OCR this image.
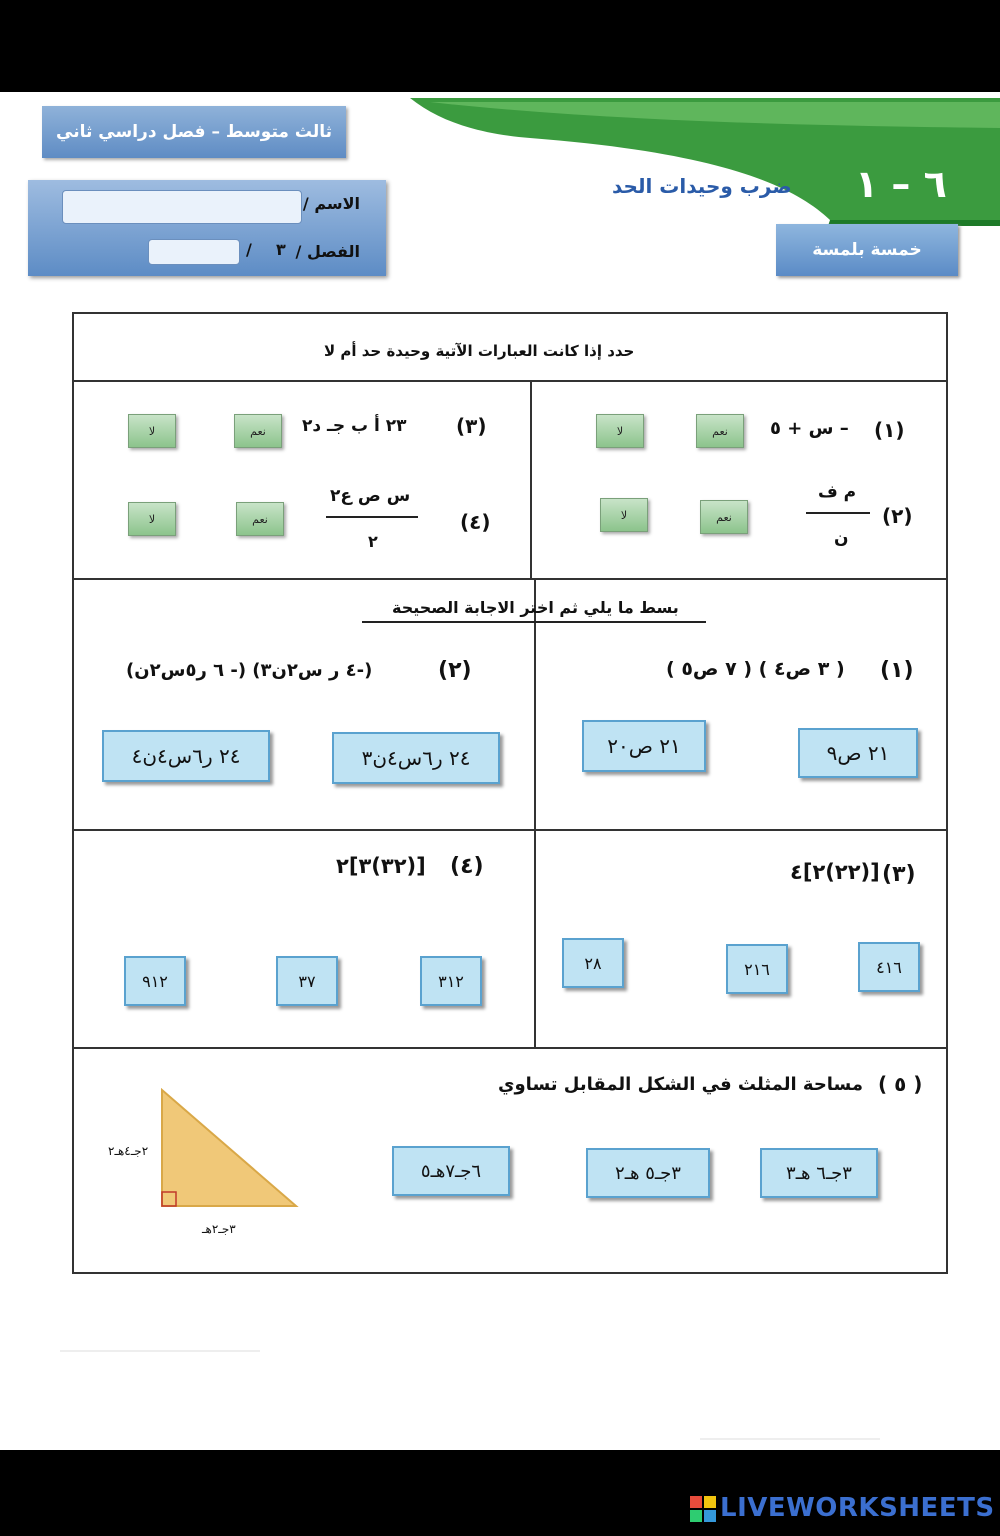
ثالث متوسط – فصل دراسي ثاني
الاسم /
الفصل /
٣
/
ضرب وحيدات الحد ٦ – ١
خمسة بلمسة
حدد إذا كانت العبارات الآتية وحيدة حد أم لا
(١)
– س + ٥
نعم
لا
(٢)
م ف
ن
نعم
لا
(٣)
٢٣ أ ب جـ د٢
نعم
لا
(٤)
س ص ع٢
٢
نعم
لا
بسط ما يلي ثم اختر الاجابة الصحيحة
(١)
( ٣ ص٤ ) ( ٧ ص٥ )
٢١ ص٩
٢١ ص٢٠
(٢)
(-٤ ر س٢ن٣) (- ٦ ر٥س٢ن)
٢٤ ر٦س٤ن٣
٢٤ ر٦س٤ن٤
(٣)
[(٢٢)٢]٤
٤١٦
٢١٦
٢٨
(٤)
[(٣٢)٣]٢
٣١٢
٣٧
٩١٢
( ٥ )
مساحة المثلث في الشكل المقابل تساوي
٣جـ٦ هـ٣
٣جـ٥ هـ٢
٦جـ٧هـ٥
٢جـ٤هـ٢
٣جـ٢هـ
LIVEWORKSHEETS
